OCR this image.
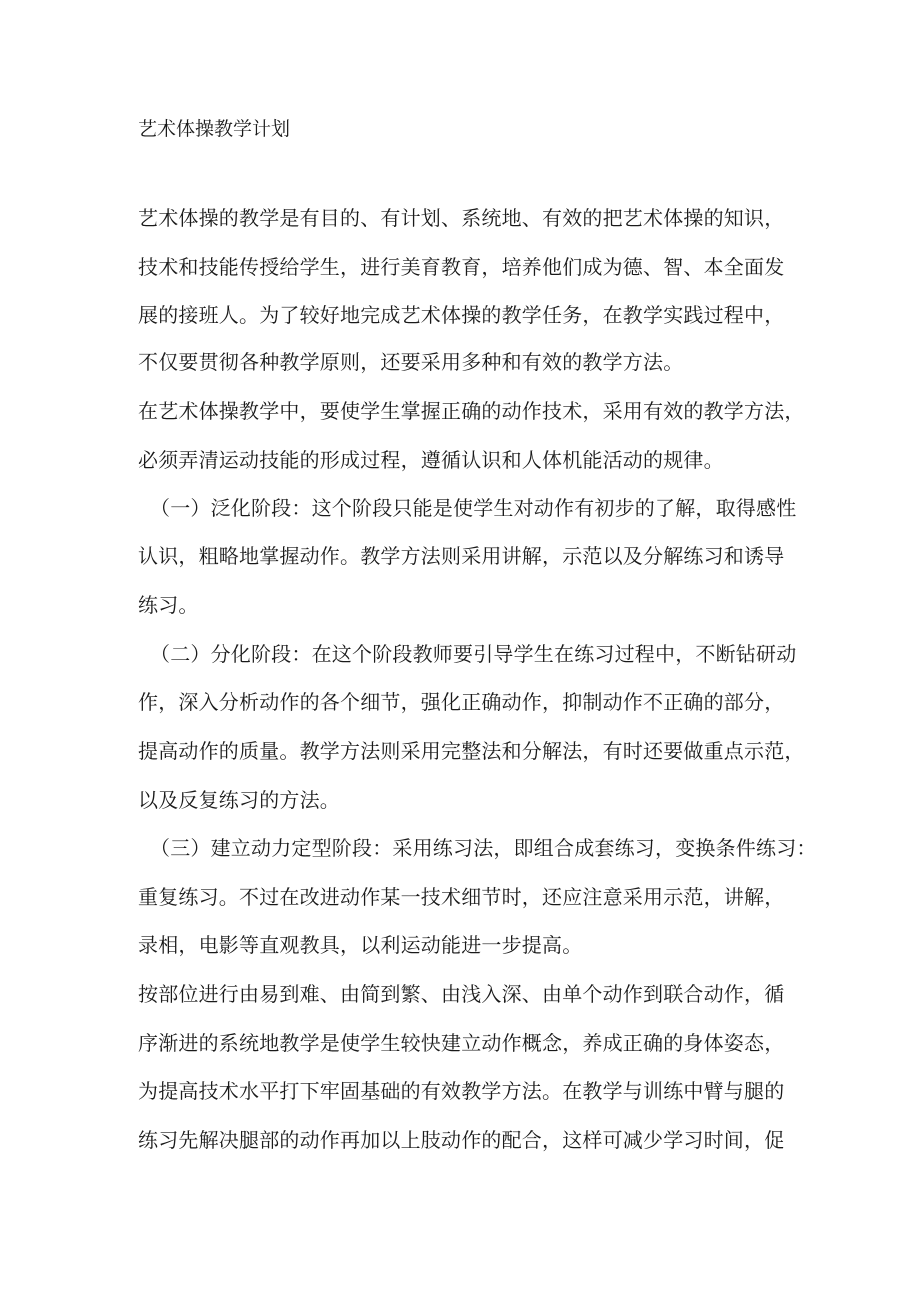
艺术体操教学计划
艺术体操的教学是有目的、有计划、系统地、有效的把艺术体操的知识，
技术和技能传授给学生，进行美育教育，培养他们成为德、智、本全面发
展的接班人。为了较好地完成艺术体操的教学任务，在教学实践过程中，
不仅要贯彻各种教学原则，还要采用多种和有效的教学方法。
在艺术体操教学中，要使学生掌握正确的动作技术，采用有效的教学方法，
必须弄清运动技能的形成过程，遵循认识和人体机能活动的规律。
（一）泛化阶段：这个阶段只能是使学生对动作有初步的了解，取得感性
认识，粗略地掌握动作。教学方法则采用讲解，示范以及分解练习和诱导
练习。
（二）分化阶段：在这个阶段教师要引导学生在练习过程中，不断钻研动
作，深入分析动作的各个细节，强化正确动作，抑制动作不正确的部分，
提高动作的质量。教学方法则采用完整法和分解法，有时还要做重点示范，
以及反复练习的方法。
（三）建立动力定型阶段：采用练习法，即组合成套练习，变换条件练习：
重复练习。不过在改进动作某一技术细节时，还应注意采用示范，讲解，
录相，电影等直观教具，以利运动能进一步提高。
按部位进行由易到难、由简到繁、由浅入深、由单个动作到联合动作，循
序渐进的系统地教学是使学生较快建立动作概念，养成正确的身体姿态，
为提高技术水平打下牢固基础的有效教学方法。在教学与训练中臂与腿的
练习先解决腿部的动作再加以上肢动作的配合，这样可减少学习时间，促
